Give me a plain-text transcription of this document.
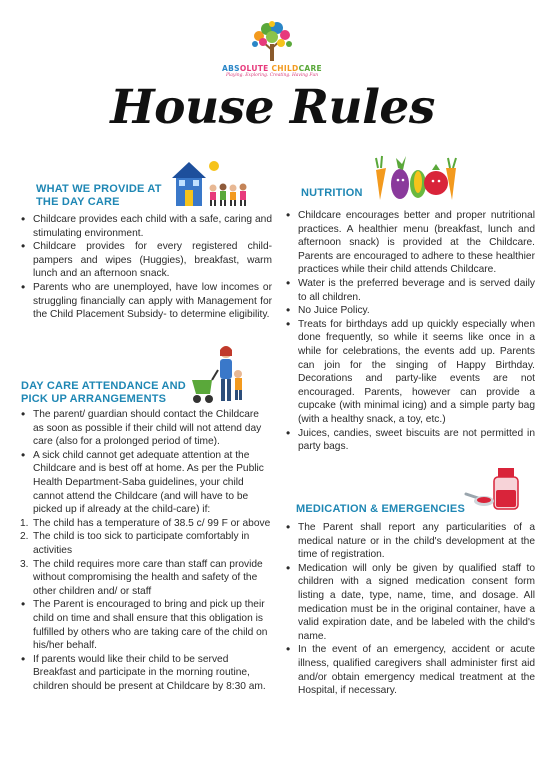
ABSOLUTE CHILDCARE
Playing. Exploring. Creating. Having Fun
House Rules
WHAT WE PROVIDE AT THE DAY CARE
• Childcare provides each child with a safe, caring and stimulating environment.
• Childcare provides for every registered child- pampers and wipes (Huggies), breakfast, warm lunch and an afternoon snack.
• Parents who are unemployed, have low incomes or struggling financially can apply with Management for the Child Placement Subsidy- to determine eligibility.
DAY CARE ATTENDANCE AND PICK UP ARRANGEMENTS
• The parent/ guardian should contact the Childcare as soon as possible if their child will not attend day care (also for a prolonged period of time).
• A sick child cannot get adequate attention at the Childcare and is best off at home. As per the Public Health Department-Saba guidelines, your child cannot attend the Childcare (and will have to be picked up if already at the child-care) if:
1. The child has a temperature of 38.5 c/ 99 F or above
2. The child is too sick to participate comfortably in activities
3. The child requires more care than staff can provide without compromising the health and safety of the other children and/ or staff
• The Parent is encouraged to bring and pick up their child on time and shall ensure that this obligation is fulfilled by others who are taking care of the child on his/her behalf.
• If parents would like their child to be served Breakfast and participate in the morning routine, children should be present at Childcare by 8:30 am.
NUTRITION
• Childcare encourages better and proper nutritional practices. A healthier menu (breakfast, lunch and afternoon snack) is provided at the Childcare. Parents are encouraged to adhere to these healthier practices while their child attends Childcare.
• Water is the preferred beverage and is served daily to all children.
• No Juice Policy.
• Treats for birthdays add up quickly especially when done frequently, so while it seems like once in a while for celebrations, the events add up. Parents can join for the singing of Happy Birthday. Decorations and party-like events are not encouraged. Parents, however can provide a cupcake (with minimal icing) and a simple party bag (with a healthy snack, a toy, etc.)
• Juices, candies, sweet biscuits are not permitted in party bags.
MEDICATION & EMERGENCIES
• The Parent shall report any particularities of a medical nature or in the child's development at the time of registration.
• Medication will only be given by qualified staff to children with a signed medication consent form listing a date, type, name, time, and dosage. All medication must be in the original container, have a valid expiration date, and be labeled with the child's name.
• In the event of an emergency, accident or acute illness, qualified caregivers shall administer first aid and/or obtain emergency medical treatment at the Hospital, if necessary.
